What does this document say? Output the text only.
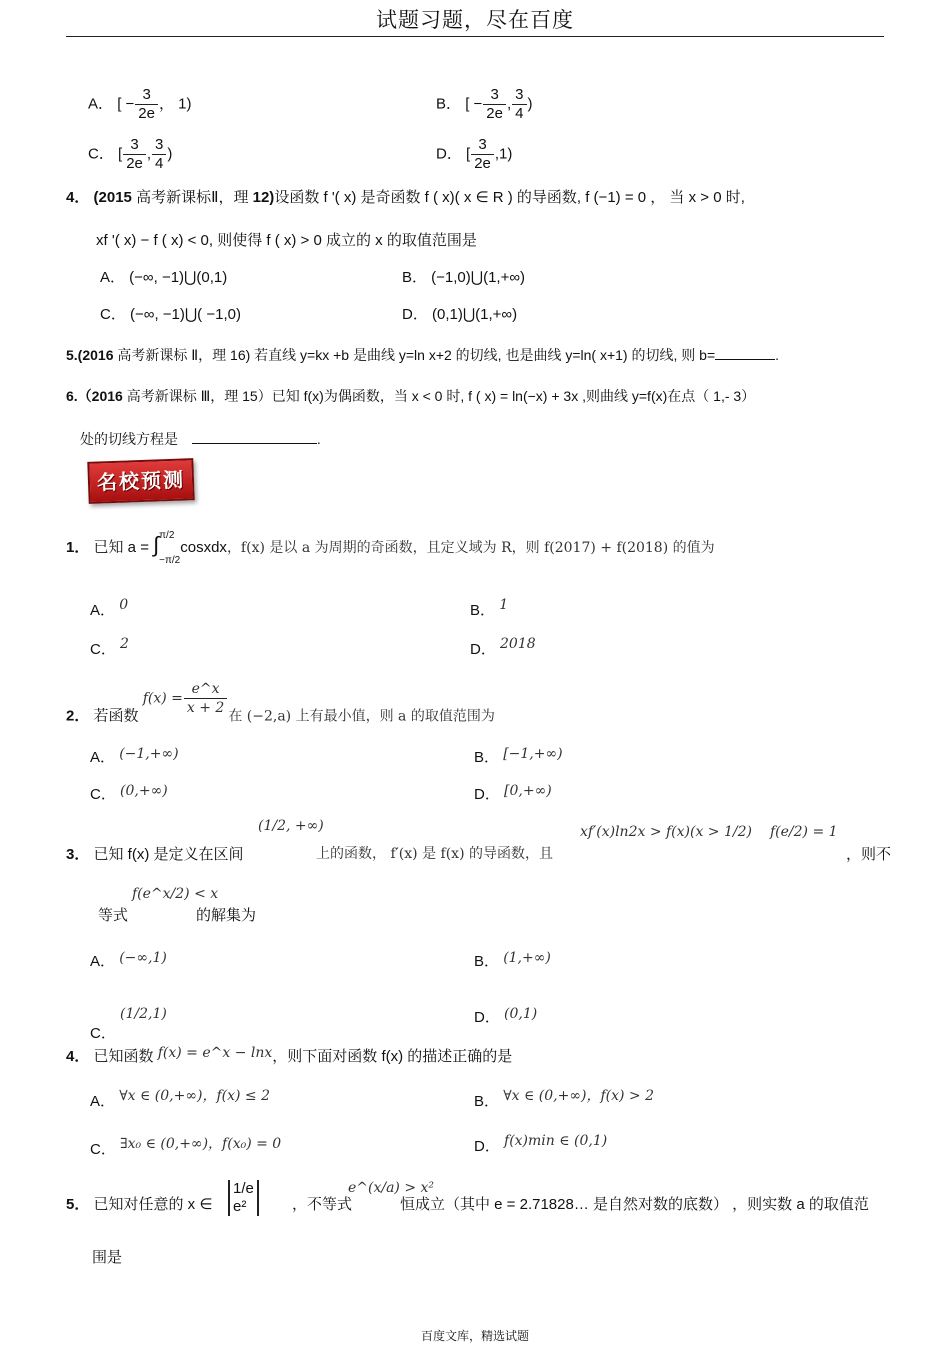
试题习题，尽在百度
A． [ − $\frac{3}{2e}$ ， 1)	B． [ − $\frac{3}{2e}$ , $\frac{3}{4}$ )
C． [ $\frac{3}{2e}$ , $\frac{3}{4}$ )	D． [ $\frac{3}{2e} ,1$)
4． (2015 高考新课标Ⅱ，理 12)设函数 f '( x) 是奇函数 f ( x)( x ∈ R ) 的导函数, f (−1) = 0 ， 当 x > 0 时,
xf '( x) − f ( x) < 0, 则使得 f ( x) > 0 成立的 x 的取值范围是
A． (−∞, −1)⋃(0,1)	B． (−1,0)⋃(1,+∞)
C． (−∞, −1)⋃( −1,0)	D． (0,1)⋃(1,+∞)
5.(2016 高考新课标 Ⅱ，理 16) 若直线 y=kx +b 是曲线 y=ln x+2 的切线, 也是曲线 y=ln( x+1) 的切线, 则 b=	.
6.（2016 高考新课标 Ⅲ，理 15）已知 f(x)为偶函数，当 x < 0 时, f ( x) = ln(−x) + 3x ,则曲线 y=f(x)在点（ 1,- 3）
处的切线方程是	.
名校预测
1． 已知 a = ∫ π/2
−π/2
cosxdx，f(x) 是以 a 为周期的奇函数，且定义域为 R，则 f(2017) + f(2018) 的值为
A． 0	B． 1
C． 2	D． 2018
2． 若函数 $f(x) = \frac{e\^{}x}{x + 2}$ 在 (−2,a) 上有最小值，则 a 的取值范围为
A． (−1,+∞)	B． [−1,+∞)
C． (0,+∞)	D． [0,+∞)
3． 已知 f(x) 是定义在区间
(1/2, +∞)
上的函数， f′(x) 是 f(x) 的导函数，且
xf′(x)ln2x > f(x)(x > 1/2) f(e/2) = 1
，则不
等式
f(e^x/2) < x
的解集为
A． (−∞,1)	B． (1,+∞)
C． (1/2,1)	D． (0,1)
4． 已知函数 f(x) = e^x − lnx，则下面对函数 f(x) 的描述正确的是
A． ∀x ∈ (0,+∞)，f(x) ≤ 2	B． ∀x ∈ (0,+∞)，f(x) > 2
C． ∃x₀ ∈ (0,+∞)，f(x₀) = 0	D． f(x)min ∈ (0,1)
5． 已知对任意的 x ∈
1/e
e²	，不等式
e^(x/a) > x²
恒成立（其中 e = 2.71828… 是自然对数的底数） ，则实数 a 的取值范
围是
百度文库，精选试题
